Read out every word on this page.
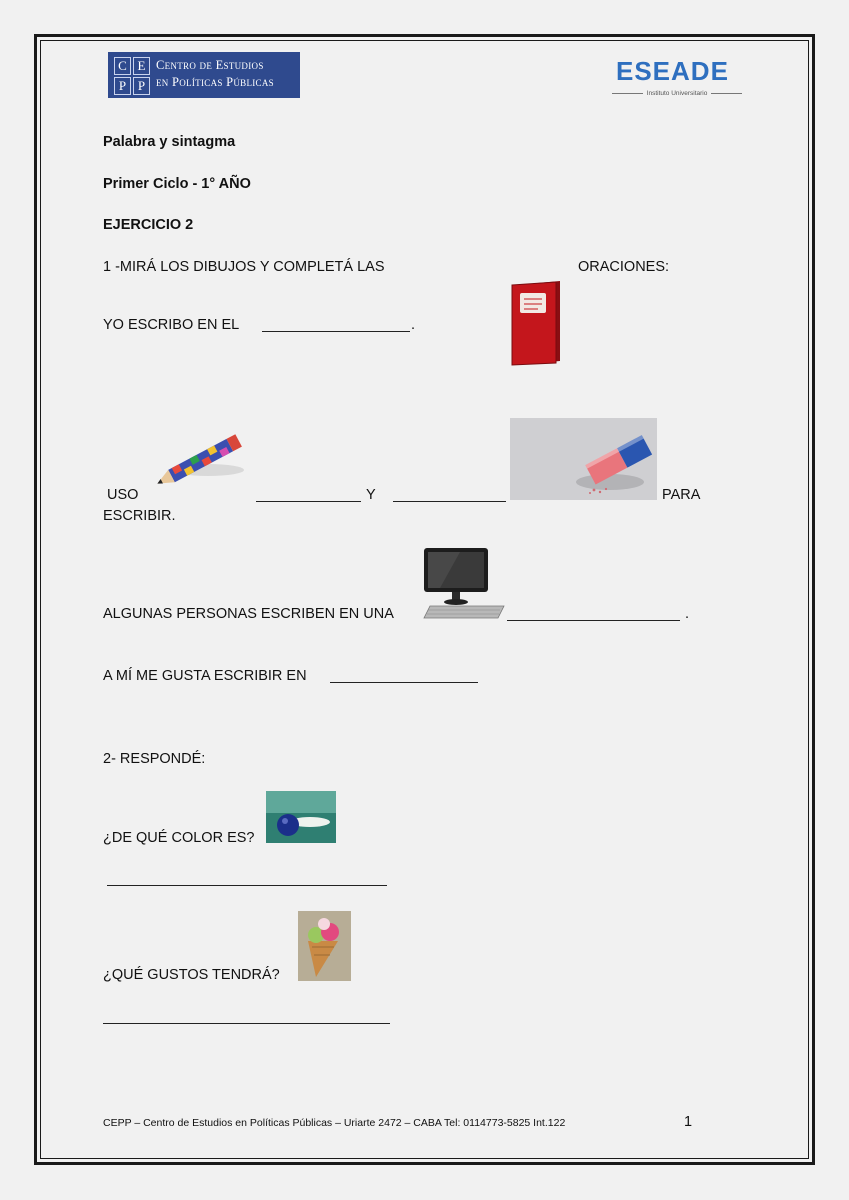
C E
P P
Centro de Estudios
en Políticas Públicas	ESEADE
Instituto Universitario
Palabra y sintagma
Primer Ciclo - 1° AÑO
EJERCICIO 2
1 -MIRÁ LOS DIBUJOS Y COMPLETÁ LAS	ORACIONES:
YO ESCRIBO EN EL	.
USO	Y	PARA
ESCRIBIR.
ALGUNAS PERSONAS ESCRIBEN EN UNA	.
A MÍ ME GUSTA ESCRIBIR EN
2- RESPONDÉ:
¿DE QUÉ COLOR ES?
¿QUÉ GUSTOS TENDRÁ?
CEPP – Centro de Estudios en Políticas Públicas – Uriarte 2472 – CABA Tel: 0114773-5825 Int.122	1
